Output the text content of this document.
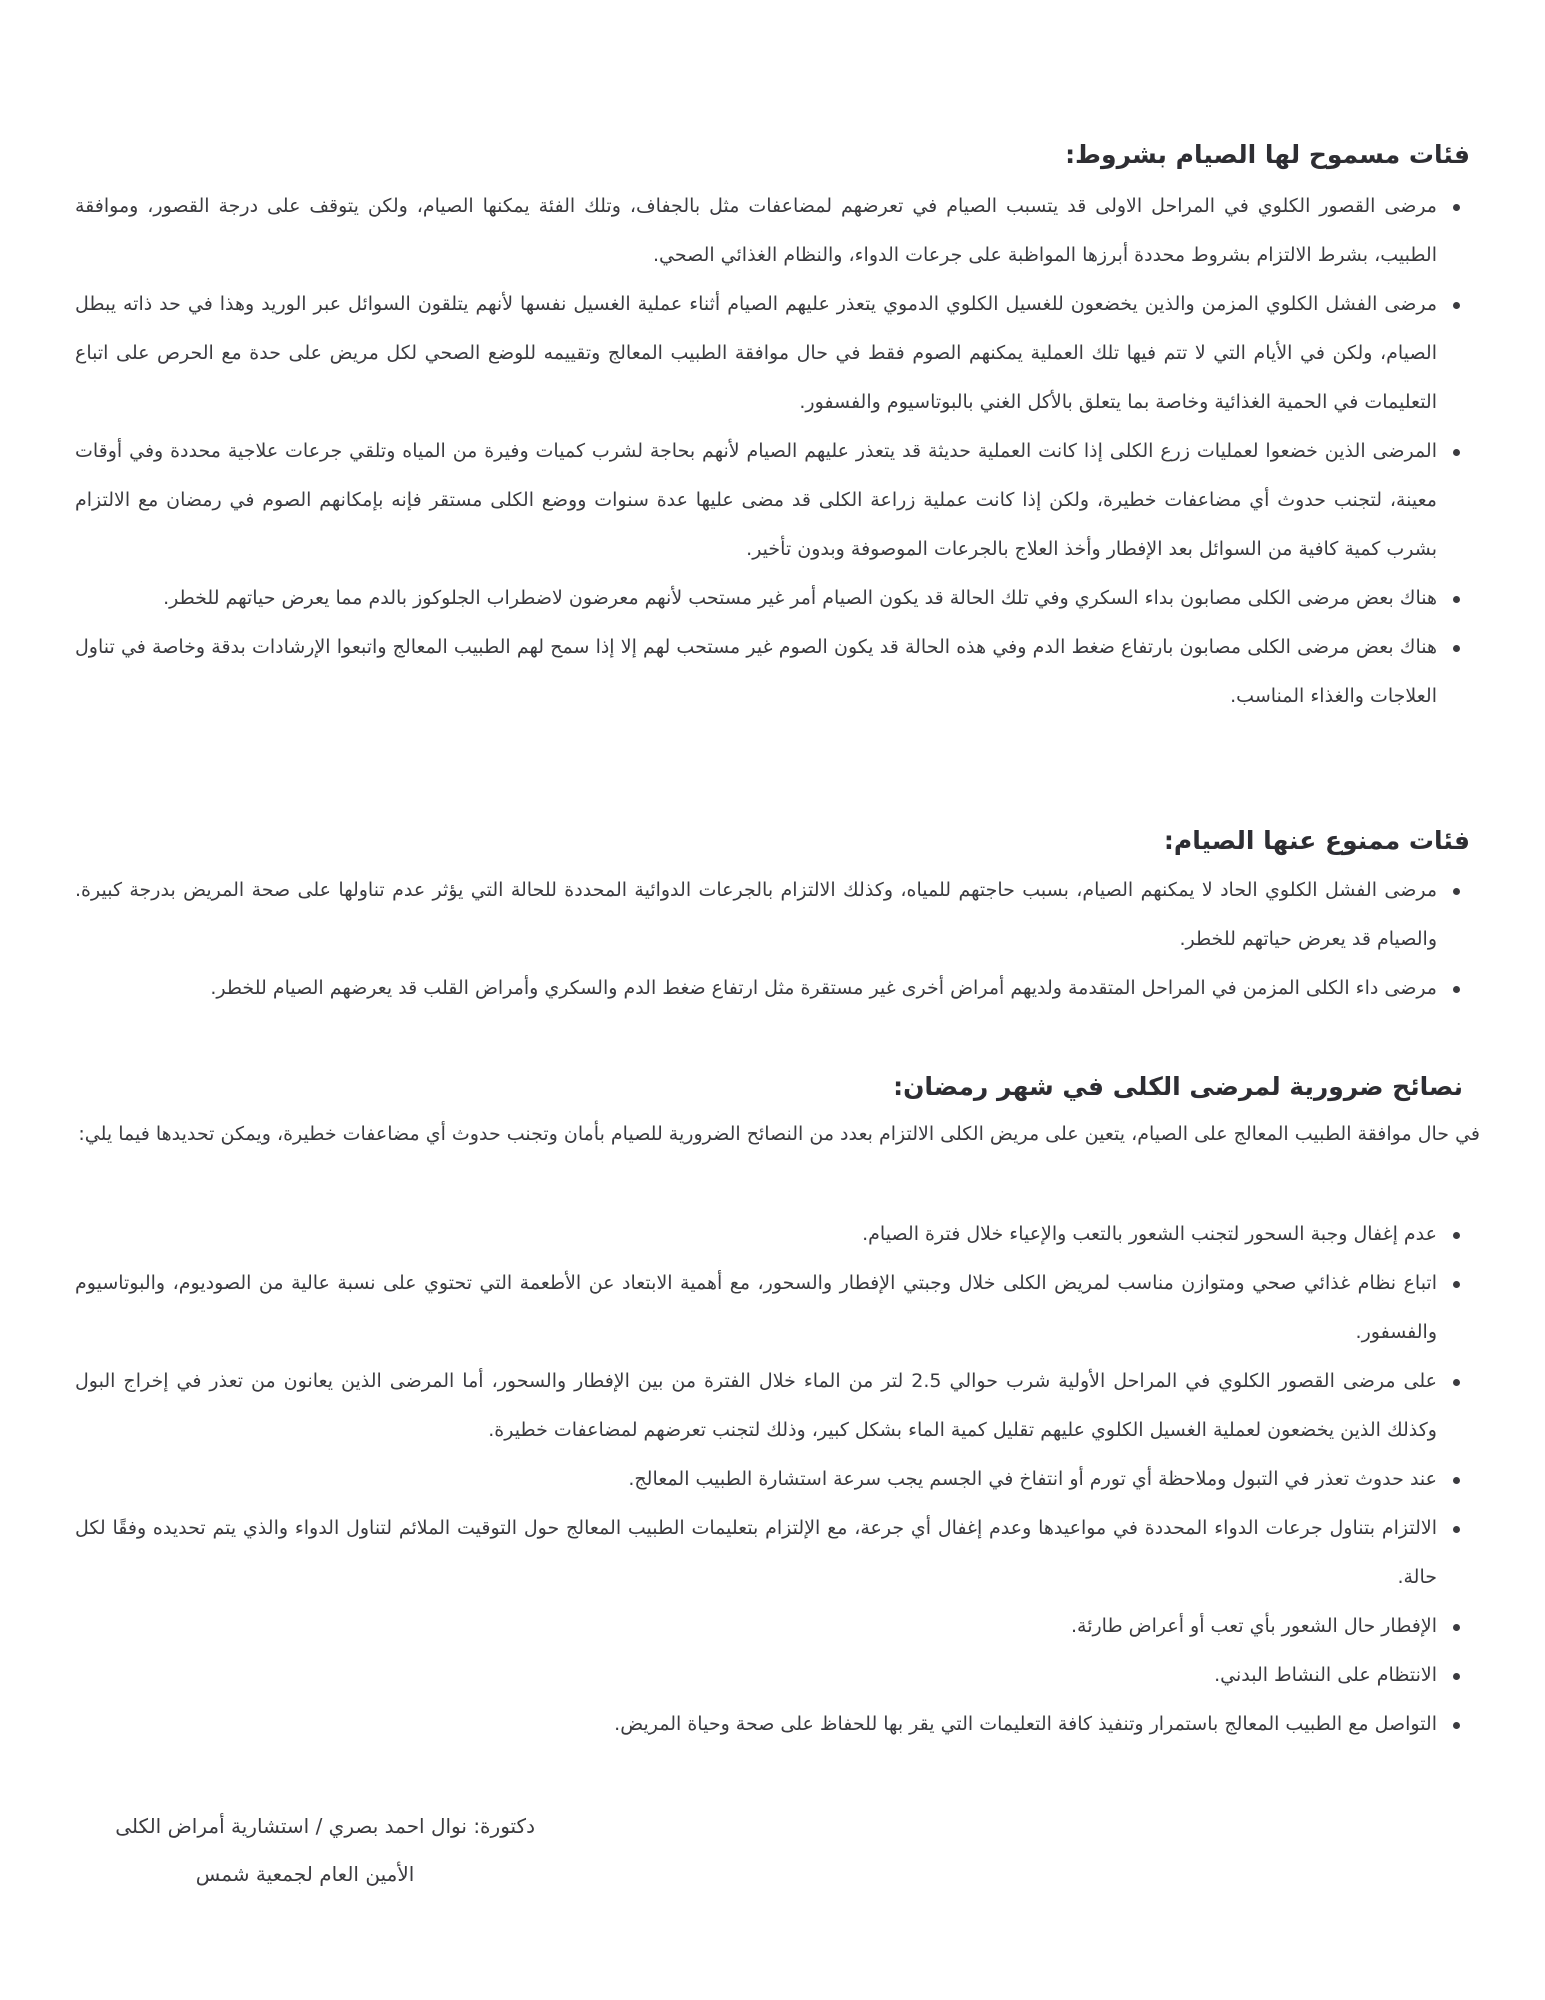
فئات مسموح لها الصيام بشروط:
مرضى القصور الكلوي في المراحل الاولى قد يتسبب الصيام في تعرضهم لمضاعفات مثل بالجفاف، وتلك الفئة يمكنها الصيام، ولكن يتوقف على درجة القصور، وموافقة الطبيب، بشرط الالتزام بشروط محددة أبرزها المواظبة على جرعات الدواء، والنظام الغذائي الصحي.
مرضى الفشل الكلوي المزمن والذين يخضعون للغسيل الكلوي الدموي يتعذر عليهم الصيام أثناء عملية الغسيل نفسها لأنهم يتلقون السوائل عبر الوريد وهذا في حد ذاته يبطل الصيام، ولكن في الأيام التي لا تتم فيها تلك العملية يمكنهم الصوم فقط في حال موافقة الطبيب المعالج وتقييمه للوضع الصحي لكل مريض على حدة مع الحرص على اتباع التعليمات في الحمية الغذائية وخاصة بما يتعلق بالأكل الغني بالبوتاسيوم والفسفور.
المرضى الذين خضعوا لعمليات زرع الكلى إذا كانت العملية حديثة قد يتعذر عليهم الصيام لأنهم بحاجة لشرب كميات وفيرة من المياه وتلقي جرعات علاجية محددة وفي أوقات معينة، لتجنب حدوث أي مضاعفات خطيرة، ولكن إذا كانت عملية زراعة الكلى قد مضى عليها عدة سنوات ووضع الكلى مستقر فإنه بإمكانهم الصوم في رمضان مع الالتزام بشرب كمية كافية من السوائل بعد الإفطار وأخذ العلاج بالجرعات الموصوفة وبدون تأخير.
هناك بعض مرضى الكلى مصابون بداء السكري وفي تلك الحالة قد يكون الصيام أمر غير مستحب لأنهم معرضون لاضطراب الجلوكوز بالدم مما يعرض حياتهم للخطر.
هناك بعض مرضى الكلى مصابون بارتفاع ضغط الدم وفي هذه الحالة قد يكون الصوم غير مستحب لهم إلا إذا سمح لهم الطبيب المعالج واتبعوا الإرشادات بدقة وخاصة في تناول العلاجات والغذاء المناسب.
فئات ممنوع عنها الصيام:
مرضى الفشل الكلوي الحاد لا يمكنهم الصيام، بسبب حاجتهم للمياه، وكذلك الالتزام بالجرعات الدوائية المحددة للحالة التي يؤثر عدم تناولها على صحة المريض بدرجة كبيرة. والصيام قد يعرض حياتهم للخطر.
مرضى داء الكلى المزمن في المراحل المتقدمة ولديهم أمراض أخرى غير مستقرة مثل ارتفاع ضغط الدم والسكري وأمراض القلب قد يعرضهم الصيام للخطر.
نصائح ضرورية لمرضى الكلى في شهر رمضان:

في حال موافقة الطبيب المعالج على الصيام، يتعين على مريض الكلى الالتزام بعدد من النصائح الضرورية للصيام بأمان وتجنب حدوث أي مضاعفات خطيرة، ويمكن تحديدها فيما يلي:

عدم إغفال وجبة السحور لتجنب الشعور بالتعب والإعياء خلال فترة الصيام.
اتباع نظام غذائي صحي ومتوازن مناسب لمريض الكلى خلال وجبتي الإفطار والسحور، مع أهمية الابتعاد عن الأطعمة التي تحتوي على نسبة عالية من الصوديوم، والبوتاسيوم والفسفور.
على مرضى القصور الكلوي في المراحل الأولية شرب حوالي 2.5 لتر من الماء خلال الفترة من بين الإفطار والسحور، أما المرضى الذين يعانون من تعذر في إخراج البول وكذلك الذين يخضعون لعملية الغسيل الكلوي عليهم تقليل كمية الماء بشكل كبير، وذلك لتجنب تعرضهم لمضاعفات خطيرة.
عند حدوث تعذر في التبول وملاحظة أي تورم أو انتفاخ في الجسم يجب سرعة استشارة الطبيب المعالج.
الالتزام بتناول جرعات الدواء المحددة في مواعيدها وعدم إغفال أي جرعة، مع الإلتزام بتعليمات الطبيب المعالج حول التوقيت الملائم لتناول الدواء والذي يتم تحديده وفقًا لكل حالة.
الإفطار حال الشعور بأي تعب أو أعراض طارئة.
الانتظام على النشاط البدني.
التواصل مع الطبيب المعالج باستمرار وتنفيذ كافة التعليمات التي يقر بها للحفاظ على صحة وحياة المريض.
دكتورة: نوال احمد بصري / استشارية أمراض الكلى
الأمين العام لجمعية شمس
